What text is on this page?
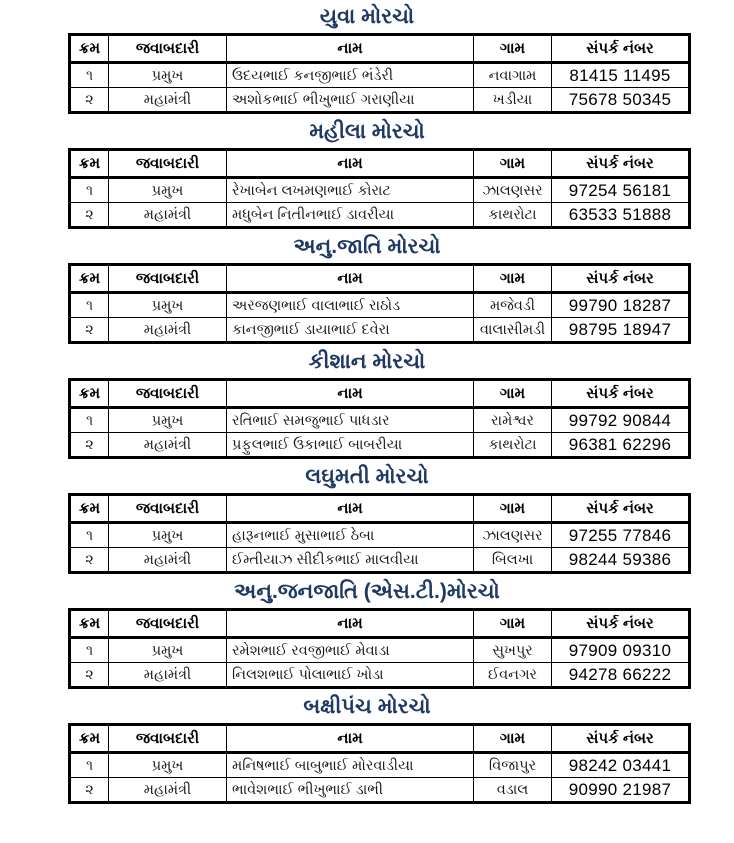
યુવા મોરચો
ક્રમ	જવાબદારી	નામ	ગામ	સંપર્ક નંબર
૧	પ્રમુખ	ઉદયભાઈ કનજીભાઈ ભંડેરી	નવાગામ	81415 11495
૨	મહામંત્રી	અશોકભાઈ ભીખુભાઈ ગરાણીયા	ખડીયા	75678 50345
મહીલા મોરચો
ક્રમ	જવાબદારી	નામ	ગામ	સંપર્ક નંબર
૧	પ્રમુખ	રેખાબેન લખમણભાઈ કોરાટ	ઝાલણસર	97254 56181
૨	મહામંત્રી	મધુબેન નિતીનભાઈ ડાવરીયા	કાથરોટા	63533 51888
અનુ.જાતિ મોરચો
ક્રમ	જવાબદારી	નામ	ગામ	સંપર્ક નંબર
૧	પ્રમુખ	અરજણભાઈ વાલાભાઈ રાઠોડ	મજેવડી	99790 18287
૨	મહામંત્રી	કાનજીભાઈ ડાયાભાઈ દવેરા	વાલાસીમડી	98795 18947
કીશાન મોરચો
ક્રમ	જવાબદારી	નામ	ગામ	સંપર્ક નંબર
૧	પ્રમુખ	રતિભાઈ સમજુભાઈ પાધડાર	રામેશ્વર	99792 90844
૨	મહામંત્રી	પ્રફુલભાઈ ઉકાભાઈ બાબરીયા	કાથરોટા	96381 62296
લઘુમતી મોરચો
ક્રમ	જવાબદારી	નામ	ગામ	સંપર્ક નંબર
૧	પ્રમુખ	હારૂનભાઈ મુસાભાઈ ઠેબા	ઝાલણસર	97255 77846
૨	મહામંત્રી	ઈમ્તીયાઝ સીદીકભાઈ માલવીયા	બિલખા	98244 59386
અનુ.જનજાતિ (એસ.ટી.)મોરચો
ક્રમ	જવાબદારી	નામ	ગામ	સંપર્ક નંબર
૧	પ્રમુખ	રમેશભાઈ રવજીભાઈ મેવાડા	સુખપુર	97909 09310
૨	મહામંત્રી	નિલશભાઈ પોલાભાઈ ખોડા	ઈવનગર	94278 66222
બક્ષીપંચ મોરચો
ક્રમ	જવાબદારી	નામ	ગામ	સંપર્ક નંબર
૧	પ્રમુખ	મનિષભાઈ બાબુભાઈ મોરવાડીયા	વિજાપુર	98242 03441
૨	મહામંત્રી	ભાવેશભાઈ ભીખુભાઈ ડાભી	વડાલ	90990 21987
